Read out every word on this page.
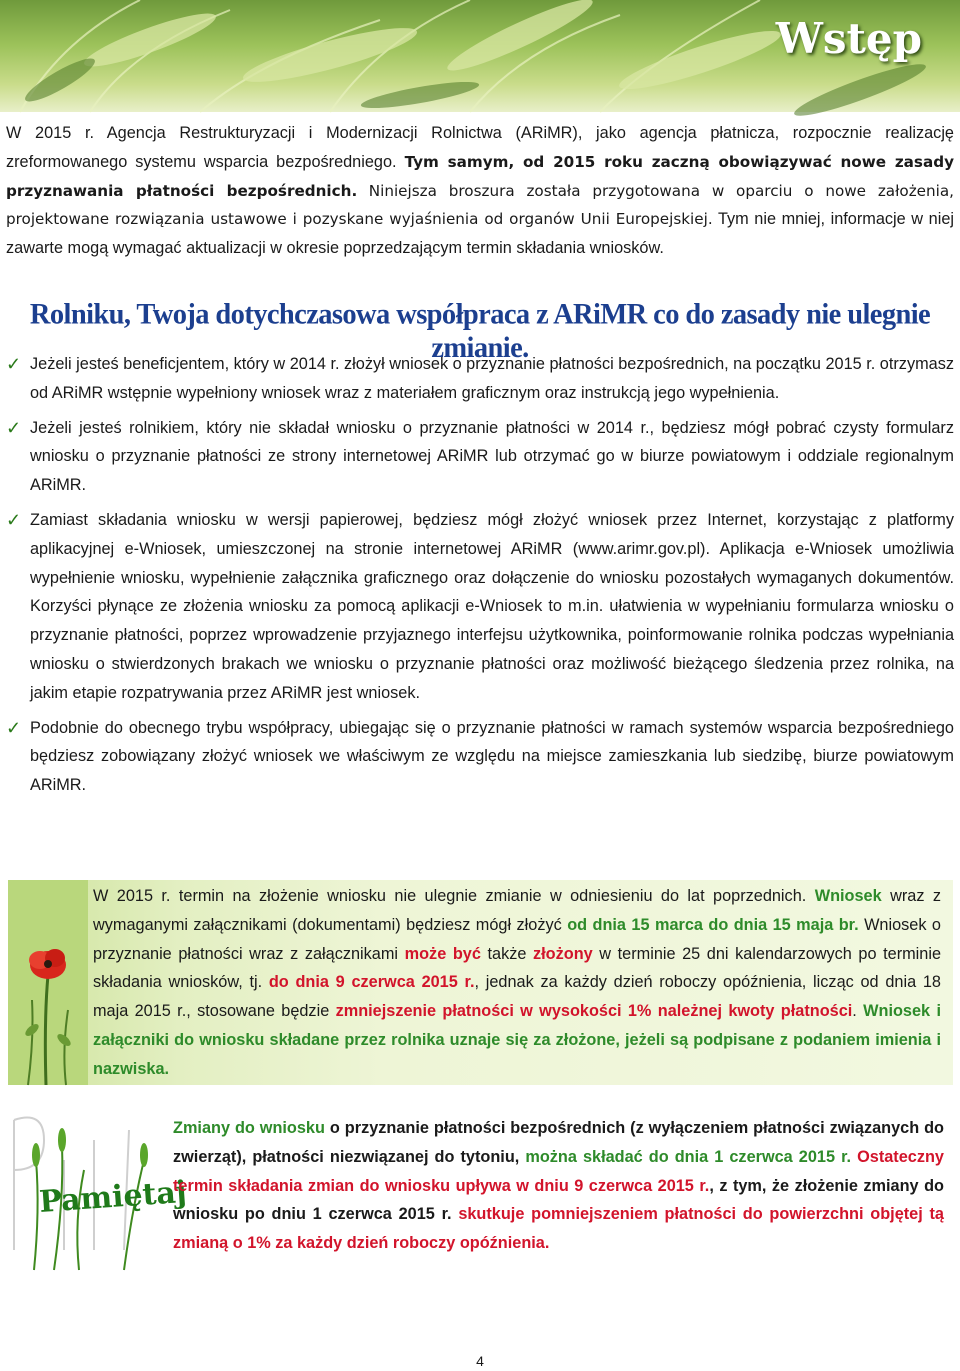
Wstęp
W 2015 r. Agencja Restrukturyzacji i Modernizacji Rolnictwa (ARiMR), jako agencja płatnicza, rozpocznie realizację zreformowanego systemu wsparcia bezpośredniego. Tym samym, od 2015 roku zaczną obowiązywać nowe zasady przyznawania płatności bezpośrednich. Niniejsza broszura została przygotowana w oparciu o nowe założenia, projektowane rozwiązania ustawowe i pozyskane wyjaśnienia od organów Unii Europejskiej. Tym nie mniej, informacje w niej zawarte mogą wymagać aktualizacji w okresie poprzedzającym termin składania wniosków.
Rolniku, Twoja dotychczasowa współpraca z ARiMR co do zasady nie ulegnie zmianie.
✓ Jeżeli jesteś beneficjentem, który w 2014 r. złożył wniosek o przyznanie płatności bezpośrednich, na początku 2015 r. otrzymasz od ARiMR wstępnie wypełniony wniosek wraz z materiałem graficznym oraz instrukcją jego wypełnienia.
✓ Jeżeli jesteś rolnikiem, który nie składał wniosku o przyznanie płatności w 2014 r., będziesz mógł pobrać czysty formularz wniosku o przyznanie płatności ze strony internetowej ARiMR lub otrzymać go w biurze powiatowym i oddziale regionalnym ARiMR.
✓ Zamiast składania wniosku w wersji papierowej, będziesz mógł złożyć wniosek przez Internet, korzystając z platformy aplikacyjnej e-Wniosek, umieszczonej na stronie internetowej ARiMR (www.arimr.gov.pl). Aplikacja e-Wniosek umożliwia wypełnienie wniosku, wypełnienie załącznika graficznego oraz dołączenie do wniosku pozostałych wymaganych dokumentów. Korzyści płynące ze złożenia wniosku za pomocą aplikacji e-Wniosek to m.in. ułatwienia w wypełnianiu formularza wniosku o przyznanie płatności, poprzez wprowadzenie przyjaznego interfejsu użytkownika, poinformowanie rolnika podczas wypełniania wniosku o stwierdzonych brakach we wniosku o przyznanie płatności oraz możliwość bieżącego śledzenia przez rolnika, na jakim etapie rozpatrywania przez ARiMR jest wniosek.
✓ Podobnie do obecnego trybu współpracy, ubiegając się o przyznanie płatności w ramach systemów wsparcia bezpośredniego będziesz zobowiązany złożyć wniosek we właściwym ze względu na miejsce zamieszkania lub siedzibę, biurze powiatowym ARiMR.
W 2015 r. termin na złożenie wniosku nie ulegnie zmianie w odniesieniu do lat poprzednich. Wniosek wraz z wymaganymi załącznikami (dokumentami) będziesz mógł złożyć od dnia 15 marca do dnia 15 maja br. Wniosek o przyznanie płatności wraz z załącznikami może być także złożony w terminie 25 dni kalendarzowych po terminie składania wniosków, tj. do dnia 9 czerwca 2015 r., jednak za każdy dzień roboczy opóźnienia, licząc od dnia 18 maja 2015 r., stosowane będzie zmniejszenie płatności w wysokości 1% należnej kwoty płatności. Wniosek i załączniki do wniosku składane przez rolnika uznaje się za złożone, jeżeli są podpisane z podaniem imienia i nazwiska.
Pamiętaj
Zmiany do wniosku o przyznanie płatności bezpośrednich (z wyłączeniem płatności związanych do zwierząt), płatności niezwiązanej do tytoniu, można składać do dnia 1 czerwca 2015 r. Ostateczny termin składania zmian do wniosku upływa w dniu 9 czerwca 2015 r., z tym, że złożenie zmiany do wniosku po dniu 1 czerwca 2015 r. skutkuje pomniejszeniem płatności do powierzchni objętej tą zmianą o 1% za każdy dzień roboczy opóźnienia.
4
